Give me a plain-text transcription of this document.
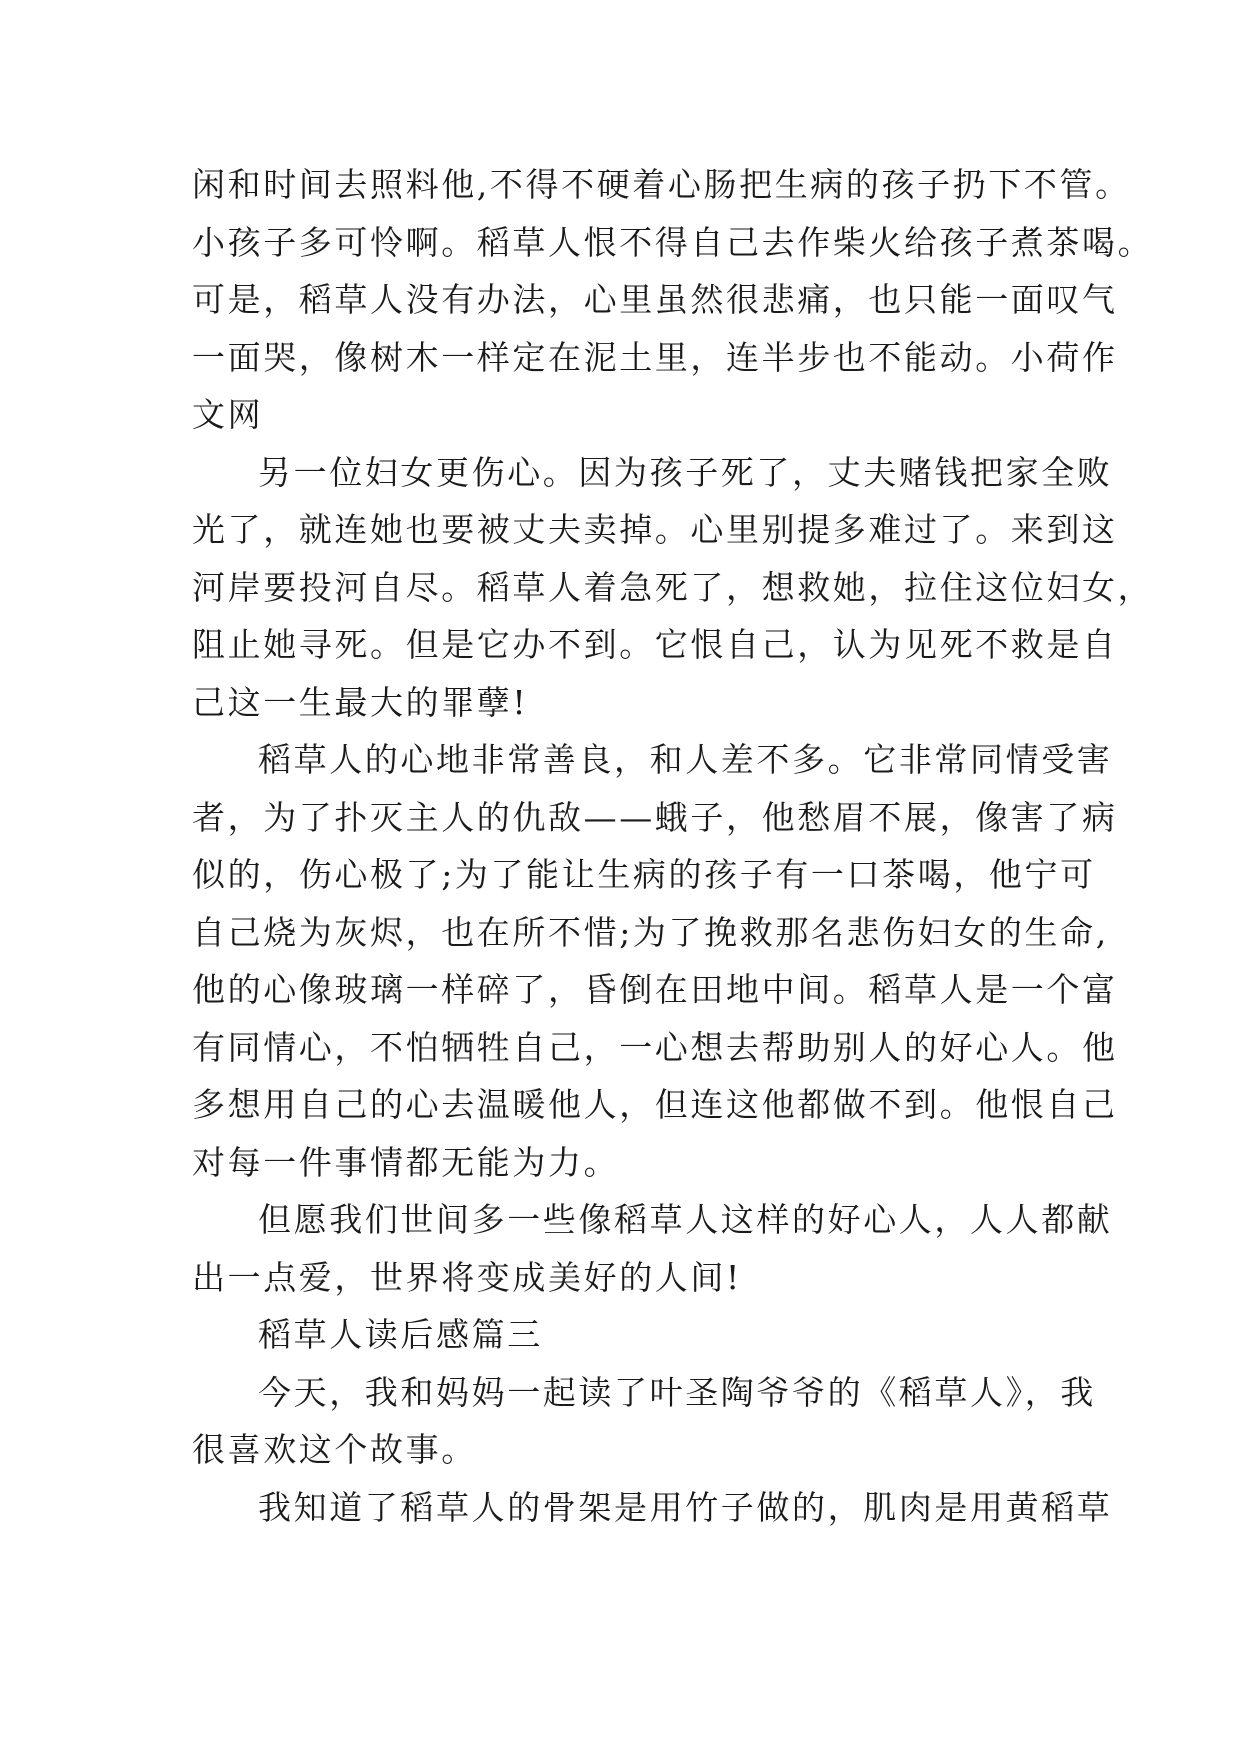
闲和时间去照料他,不得不硬着心肠把生病的孩子扔下不管。
小孩子多可怜啊。稻草人恨不得自己去作柴火给孩子煮茶喝。
可是，稻草人没有办法，心里虽然很悲痛，也只能一面叹气
一面哭，像树木一样定在泥土里，连半步也不能动。小荷作
文网
另一位妇女更伤心。因为孩子死了，丈夫赌钱把家全败
光了，就连她也要被丈夫卖掉。心里别提多难过了。来到这
河岸要投河自尽。稻草人着急死了，想救她，拉住这位妇女，
阻止她寻死。但是它办不到。它恨自己，认为见死不救是自
己这一生最大的罪孽!
稻草人的心地非常善良，和人差不多。它非常同情受害
者，为了扑灭主人的仇敌——蛾子，他愁眉不展，像害了病
似的，伤心极了;为了能让生病的孩子有一口茶喝，他宁可
自己烧为灰烬，也在所不惜;为了挽救那名悲伤妇女的生命,
他的心像玻璃一样碎了，昏倒在田地中间。稻草人是一个富
有同情心，不怕牺牲自己，一心想去帮助别人的好心人。他
多想用自己的心去温暖他人，但连这他都做不到。他恨自己
对每一件事情都无能为力。
但愿我们世间多一些像稻草人这样的好心人，人人都献
出一点爱，世界将变成美好的人间!
稻草人读后感篇三
今天，我和妈妈一起读了叶圣陶爷爷的《稻草人》，我
很喜欢这个故事。
我知道了稻草人的骨架是用竹子做的，肌肉是用黄稻草
